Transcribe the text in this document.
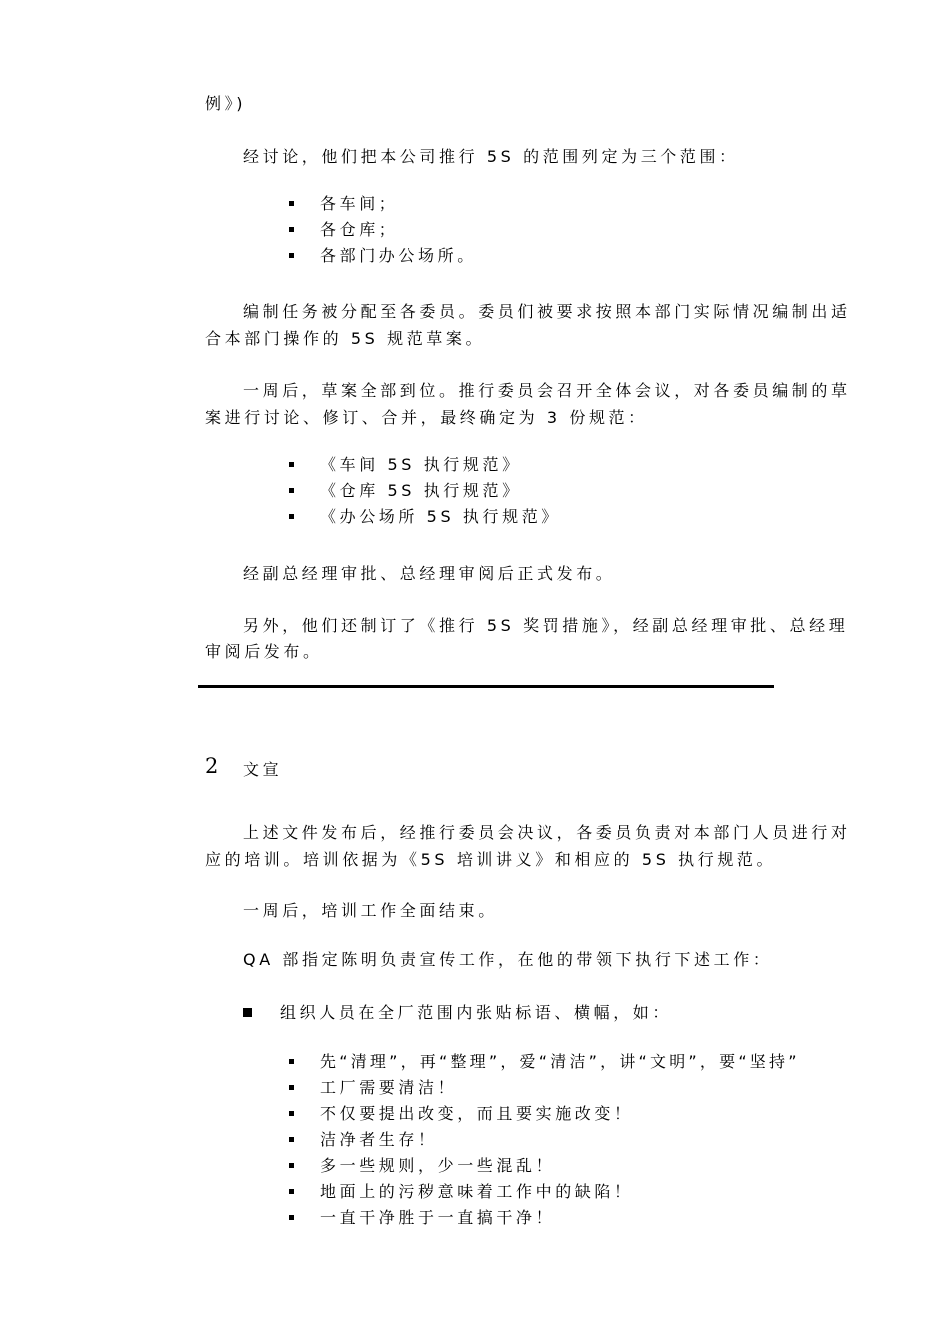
例》)
经讨论，他们把本公司推行 5S 的范围列定为三个范围：
各车间；
各仓库；
各部门办公场所。
编制任务被分配至各委员。委员们被要求按照本部门实际情况编制出适
合本部门操作的 5S 规范草案。
一周后，草案全部到位。推行委员会召开全体会议，对各委员编制的草
案进行讨论、修订、合并，最终确定为 3 份规范：
《车间 5S 执行规范》
《仓库 5S 执行规范》
《办公场所 5S 执行规范》
经副总经理审批、总经理审阅后正式发布。
另外，他们还制订了《推行 5S 奖罚措施》，经副总经理审批、总经理
审阅后发布。
2 文宣
上述文件发布后，经推行委员会决议，各委员负责对本部门人员进行对
应的培训。培训依据为《5S 培训讲义》和相应的 5S 执行规范。
一周后，培训工作全面结束。
QA 部指定陈明负责宣传工作，在他的带领下执行下述工作：
组织人员在全厂范围内张贴标语、横幅，如：
先“清理”，再“整理”，爱“清洁”，讲“文明”，要“坚持”
工厂需要清洁！
不仅要提出改变，而且要实施改变！
洁净者生存！
多一些规则，少一些混乱！
地面上的污秽意味着工作中的缺陷！
一直干净胜于一直搞干净！
